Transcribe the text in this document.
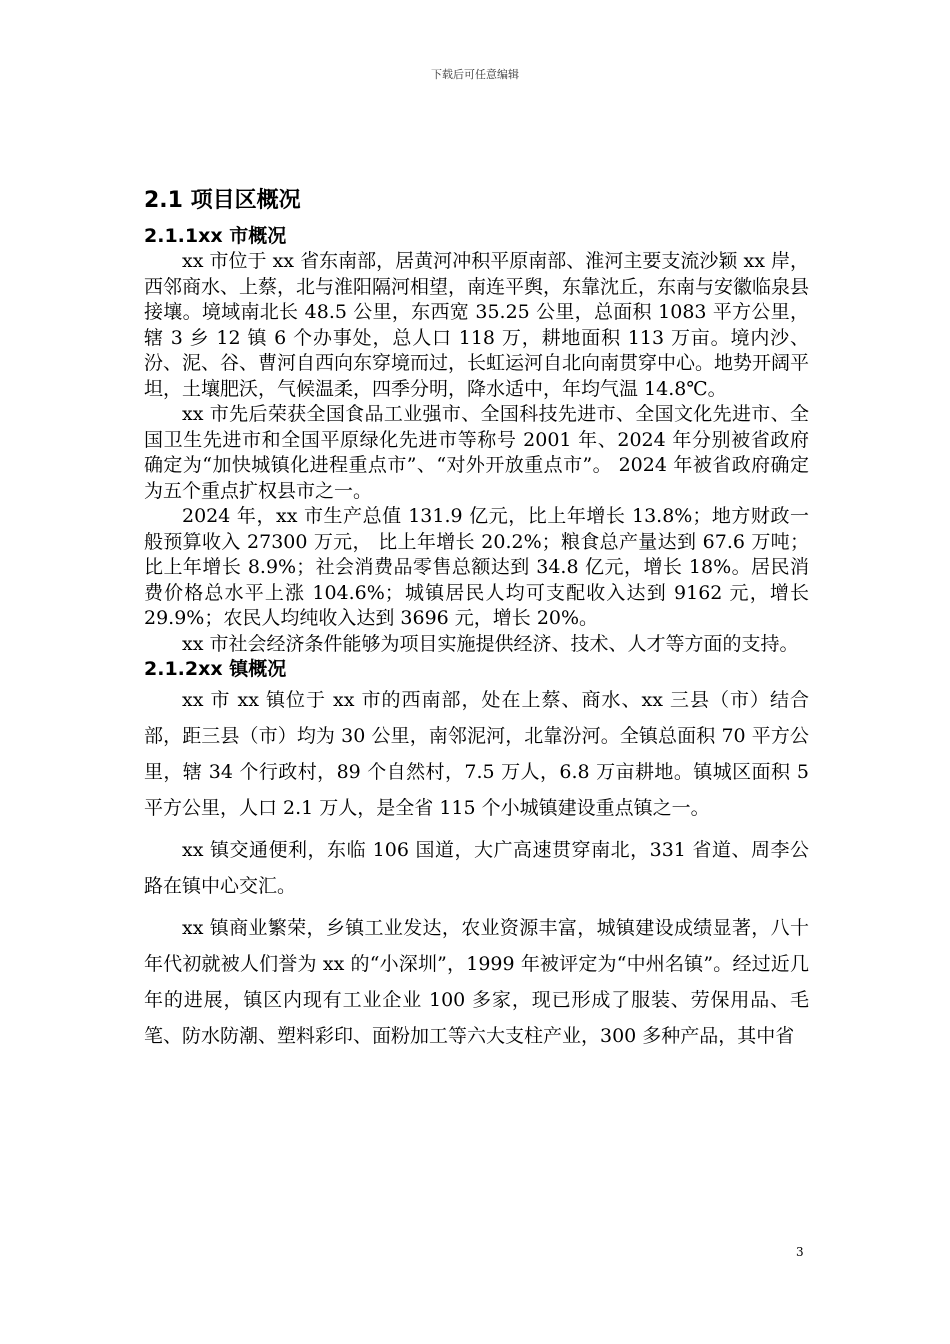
下载后可任意编辑
2.1 项目区概况
2.1.1xx 市概况

xx 市位于 xx 省东南部，居黄河冲积平原南部、淮河主要支流沙颖 xx 岸，西邻商水、上蔡，北与淮阳隔河相望，南连平舆，东靠沈丘，东南与安徽临泉县接壤。境域南北长 48.5 公里，东西宽 35.25 公里，总面积 1083 平方公里，辖 3 乡 12 镇 6 个办事处，总人口 118 万，耕地面积 113 万亩。境内沙、汾、泥、谷、曹河自西向东穿境而过，长虹运河自北向南贯穿中心。地势开阔平坦，土壤肥沃，气候温柔，四季分明，降水适中，年均气温 14.8℃。

xx 市先后荣获全国食品工业强市、全国科技先进市、全国文化先进市、全国卫生先进市和全国平原绿化先进市等称号 2001 年、2024 年分别被省政府确定为“加快城镇化进程重点市”、“对外开放重点市”。 2024 年被省政府确定为五个重点扩权县市之一。

2024 年，xx 市生产总值 131.9 亿元，比上年增长 13.8%；地方财政一般预算收入 27300 万元， 比上年增长 20.2%；粮食总产量达到 67.6 万吨；比上年增长 8.9%；社会消费品零售总额达到 34.8 亿元，增长 18%。居民消费价格总水平上涨 104.6%；城镇居民人均可支配收入达到 9162 元，增长 29.9%；农民人均纯收入达到 3696 元，增长 20%。

xx 市社会经济条件能够为项目实施提供经济、技术、人才等方面的支持。

2.1.2xx 镇概况

xx 市 xx 镇位于 xx 市的西南部，处在上蔡、商水、xx 三县（市）结合部，距三县（市）均为 30 公里，南邻泥河，北靠汾河。全镇总面积 70 平方公里，辖 34 个行政村，89 个自然村，7.5 万人，6.8 万亩耕地。镇城区面积 5 平方公里，人口 2.1 万人，是全省 115 个小城镇建设重点镇之一。

xx 镇交通便利，东临 106 国道，大广高速贯穿南北，331 省道、周李公路在镇中心交汇。

xx 镇商业繁荣，乡镇工业发达，农业资源丰富，城镇建设成绩显著，八十年代初就被人们誉为 xx 的“小深圳”，1999 年被评定为“中州名镇”。经过近几年的进展，镇区内现有工业企业 100 多家，现已形成了服装、劳保用品、毛笔、防水防潮、塑料彩印、面粉加工等六大支柱产业，300 多种产品，其中省

3
